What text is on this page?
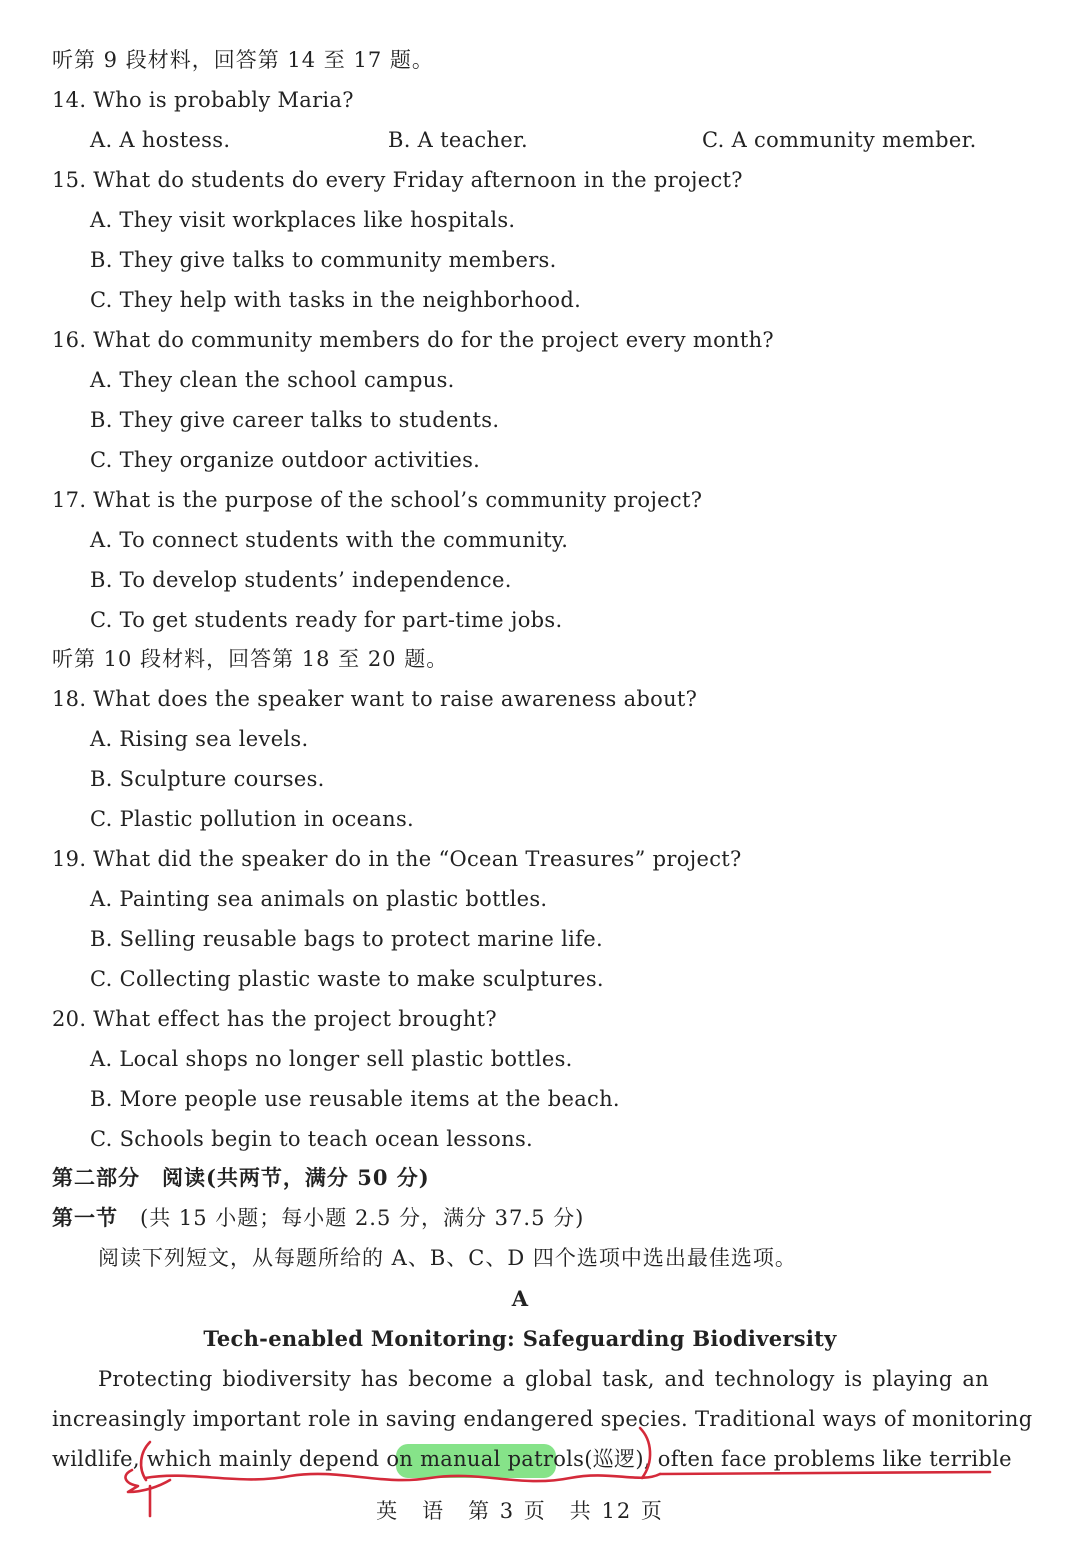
听第 9 段材料，回答第 14 至 17 题。
14. Who is probably Maria?

A. A hostess.

	B. A teacher.

	C. A community member.

15. What do students do every Friday afternoon in the project?
A. They visit workplaces like hospitals.
B. They give talks to community members.
C. They help with tasks in the neighborhood.
16. What do community members do for the project every month?
A. They clean the school campus.
B. They give career talks to students.
C. They organize outdoor activities.
17. What is the purpose of the school’s community project?
A. To connect students with the community.
B. To develop students’ independence.
C. To get students ready for part-time jobs.
听第 10 段材料，回答第 18 至 20 题。
18. What does the speaker want to raise awareness about?
A. Rising sea levels.
B. Sculpture courses.
C. Plastic pollution in oceans.
19. What did the speaker do in the “Ocean Treasures” project?
A. Painting sea animals on plastic bottles.
B. Selling reusable bags to protect marine life.
C. Collecting plastic waste to make sculptures.
20. What effect has the project brought?
A. Local shops no longer sell plastic bottles.
B. More people use reusable items at the beach.
C. Schools begin to teach ocean lessons.
第二部分　阅读(共两节，满分 50 分)
第一节　 (共 15 小题；每小题 2.5 分，满分 37.5 分)
阅读下列短文，从每题所给的 A、B、C、D 四个选项中选出最佳选项。
A
Tech-enabled Monitoring: Safeguarding Biodiversity
Protecting biodiversity has become a global task, and technology is playing an
increasingly important role in saving endangered species. Traditional ways of monitoring
wildlife, which mainly depend on manual patrols(巡逻), often face problems like terrible
英　语　第 3 页　共 12 页
